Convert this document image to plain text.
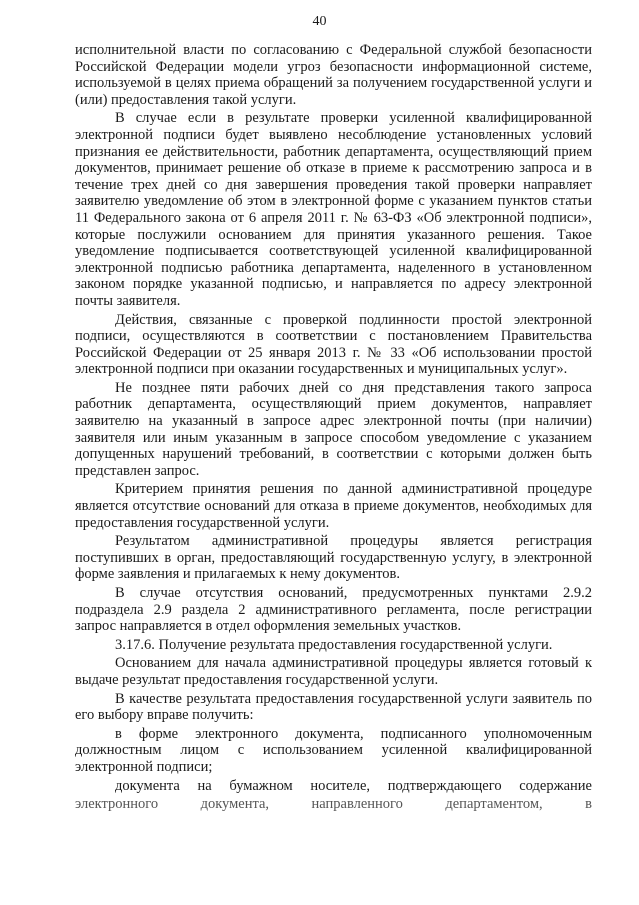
40

исполнительной власти по согласованию с Федеральной службой безопасности Российской Федерации модели угроз безопасности информационной системе, используемой в целях приема обращений за получением государственной услуги и (или) предоставления такой услуги.

В случае если в результате проверки усиленной квалифицированной электронной подписи будет выявлено несоблюдение установленных условий признания ее действительности, работник департамента, осуществляющий прием документов, принимает решение об отказе в приеме к рассмотрению запроса и в течение трех дней со дня завершения проведения такой проверки направляет заявителю уведомление об этом в электронной форме с указанием пунктов статьи 11 Федерального закона от 6 апреля 2011 г. № 63-ФЗ «Об электронной подписи», которые послужили основанием для принятия указанного решения. Такое уведомление подписывается соответствующей усиленной квалифицированной электронной подписью работника департамента, наделенного в установленном законом порядке указанной подписью, и направляется по адресу электронной почты заявителя.

Действия, связанные с проверкой подлинности простой электронной подписи, осуществляются в соответствии с постановлением Правительства Российской Федерации от 25 января 2013 г. № 33 «Об использовании простой электронной подписи при оказании государственных и муниципальных услуг».

Не позднее пяти рабочих дней со дня представления такого запроса работник департамента, осуществляющий прием документов, направляет заявителю на указанный в запросе адрес электронной почты (при наличии) заявителя или иным указанным в запросе способом уведомление с указанием допущенных нарушений требований, в соответствии с которыми должен быть представлен запрос.

Критерием принятия решения по данной административной процедуре является отсутствие оснований для отказа в приеме документов, необходимых для предоставления государственной услуги.

Результатом административной процедуры является регистрация поступивших в орган, предоставляющий государственную услугу, в электронной форме заявления и прилагаемых к нему документов.

В случае отсутствия оснований, предусмотренных пунктами 2.9.2 подраздела 2.9 раздела 2 административного регламента, после регистрации запрос направляется в отдел оформления земельных участков.

3.17.6. Получение результата предоставления государственной услуги.

Основанием для начала административной процедуры является готовый к выдаче результат предоставления государственной услуги.

В качестве результата предоставления государственной услуги заявитель по его выбору вправе получить:

в форме электронного документа, подписанного уполномоченным должностным лицом с использованием усиленной квалифицированной электронной подписи;

документа на бумажном носителе, подтверждающего содержание

электронного документа, направленного департаментом, в
